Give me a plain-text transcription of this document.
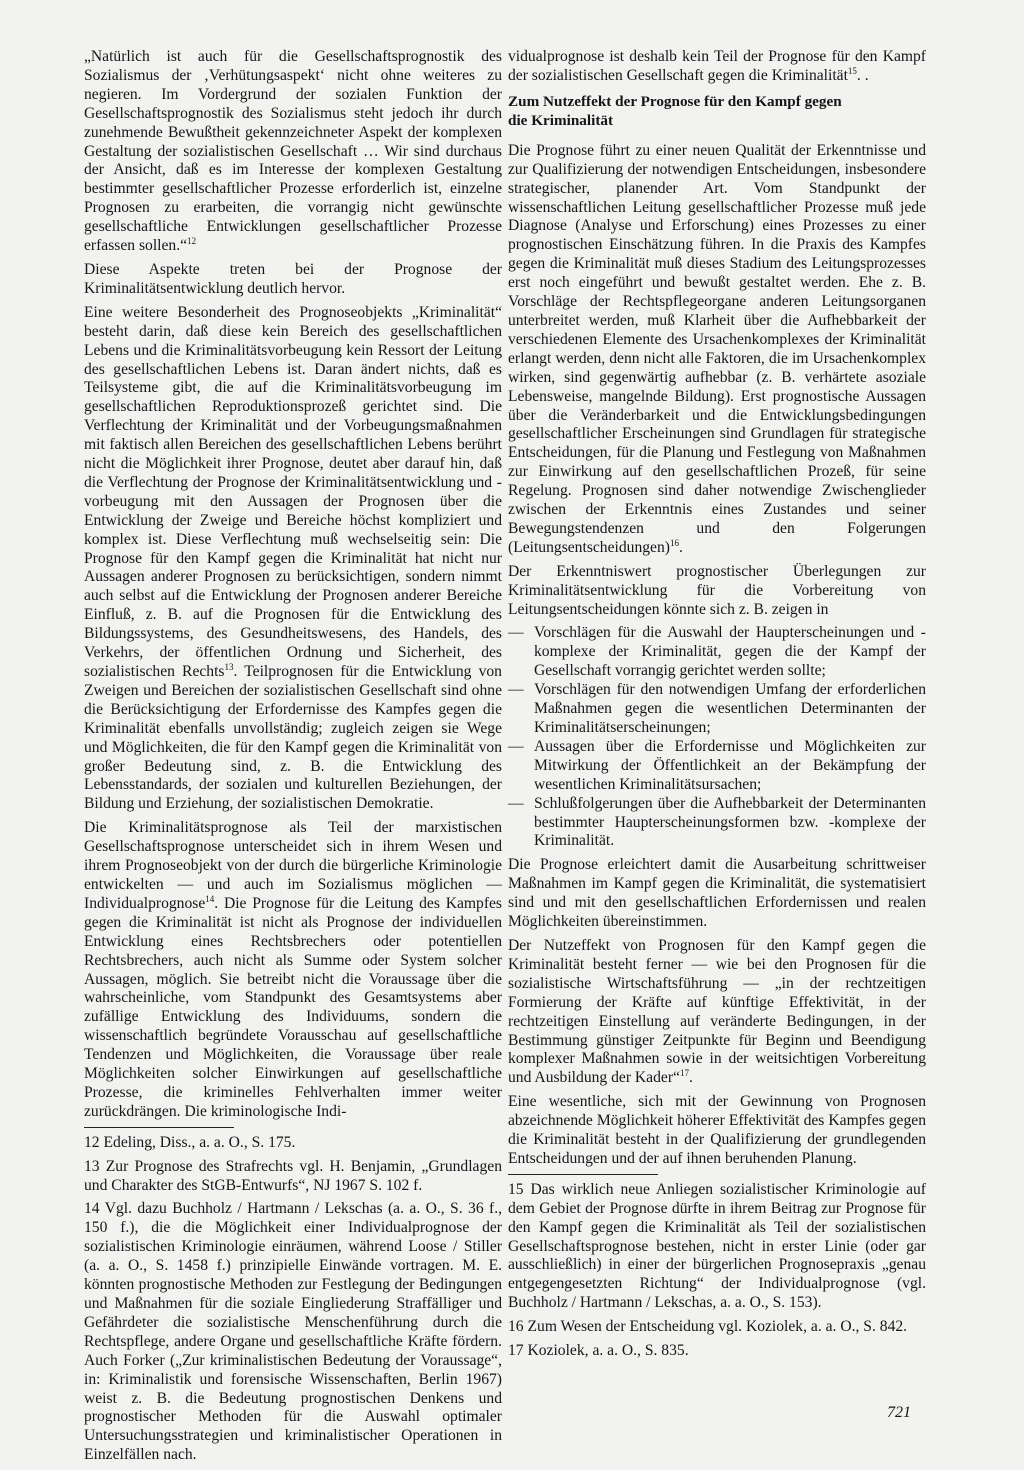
„Natürlich ist auch für die Gesellschaftsprognostik des Sozialismus der ‚Verhütungsaspekt‘ nicht ohne weiteres zu negieren. Im Vordergrund der sozialen Funktion der Gesellschaftsprognostik des Sozialismus steht jedoch ihr durch zunehmende Bewußtheit gekennzeichneter Aspekt der komplexen Gestaltung der sozialistischen Gesellschaft … Wir sind durchaus der Ansicht, daß es im Interesse der komplexen Gestaltung bestimmter gesellschaftlicher Prozesse erforderlich ist, einzelne Prognosen zu erarbeiten, die vorrangig nicht gewünschte gesellschaftliche Entwicklungen gesellschaftlicher Prozesse erfassen sollen.“$^{12}$

Diese Aspekte treten bei der Prognose der Kriminalitätsentwicklung deutlich hervor.

Eine weitere Besonderheit des Prognoseobjekts „Kriminalität“ besteht darin, daß diese kein Bereich des gesellschaftlichen Lebens und die Kriminalitätsvorbeugung kein Ressort der Leitung des gesellschaftlichen Lebens ist. Daran ändert nichts, daß es Teilsysteme gibt, die auf die Kriminalitätsvorbeugung im gesellschaftlichen Reproduktionsprozeß gerichtet sind. Die Verflechtung der Kriminalität und der Vorbeugungsmaßnahmen mit faktisch allen Bereichen des gesellschaftlichen Lebens berührt nicht die Möglichkeit ihrer Prognose, deutet aber darauf hin, daß die Verflechtung der Prognose der Kriminalitätsentwicklung und -vorbeugung mit den Aussagen der Prognosen über die Entwicklung der Zweige und Bereiche höchst kompliziert und komplex ist. Diese Verflechtung muß wechselseitig sein: Die Prognose für den Kampf gegen die Kriminalität hat nicht nur Aussagen anderer Prognosen zu berücksichtigen, sondern nimmt auch selbst auf die Entwicklung der Prognosen anderer Bereiche Einfluß, z. B. auf die Prognosen für die Entwicklung des Bildungssystems, des Gesundheitswesens, des Handels, des Verkehrs, der öffentlichen Ordnung und Sicherheit, des sozialistischen Rechts$^{13}$. Teilprognosen für die Entwicklung von Zweigen und Bereichen der sozialistischen Gesellschaft sind ohne die Berücksichtigung der Erfordernisse des Kampfes gegen die Kriminalität ebenfalls unvollständig; zugleich zeigen sie Wege und Möglichkeiten, die für den Kampf gegen die Kriminalität von großer Bedeutung sind, z. B. die Entwicklung des Lebensstandards, der sozialen und kulturellen Beziehungen, der Bildung und Erziehung, der sozialistischen Demokratie.

Die Kriminalitätsprognose als Teil der marxistischen Gesellschaftsprognose unterscheidet sich in ihrem Wesen und ihrem Prognoseobjekt von der durch die bürgerliche Kriminologie entwickelten — und auch im Sozialismus möglichen — Individualprognose$^{14}$. Die Prognose für die Leitung des Kampfes gegen die Kriminalität ist nicht als Prognose der individuellen Entwicklung eines Rechtsbrechers oder potentiellen Rechtsbrechers, auch nicht als Summe oder System solcher Aussagen, möglich. Sie betreibt nicht die Voraussage über die wahrscheinliche, vom Standpunkt des Gesamtsystems aber zufällige Entwicklung des Individuums, sondern die wissenschaftlich begründete Vorausschau auf gesellschaftliche Tendenzen und Möglichkeiten, die Voraussage über reale Möglichkeiten solcher Einwirkungen auf gesellschaftliche Prozesse, die kriminelles Fehlverhalten immer weiter zurückdrängen. Die kriminologische Indi-

12 Edeling, Diss., a. a. O., S. 175.

13 Zur Prognose des Strafrechts vgl. H. Benjamin, „Grundlagen und Charakter des StGB-Entwurfs“, NJ 1967 S. 102 f.

14 Vgl. dazu Buchholz / Hartmann / Lekschas (a. a. O., S. 36 f., 150 f.), die die Möglichkeit einer Individualprognose der sozialistischen Kriminologie einräumen, während Loose / Stiller (a. a. O., S. 1458 f.) prinzipielle Einwände vortragen. M. E. könnten prognostische Methoden zur Festlegung der Bedingungen und Maßnahmen für die soziale Eingliederung Straffälliger und Gefährdeter die sozialistische Menschenführung durch die Rechtspflege, andere Organe und gesellschaftliche Kräfte fördern. Auch Forker („Zur kriminalistischen Bedeutung der Voraussage“, in: Kriminalistik und forensische Wissenschaften, Berlin 1967) weist z. B. die Bedeutung prognostischen Denkens und prognostischer Methoden für die Auswahl optimaler Untersuchungsstrategien und kriminalistischer Operationen in Einzelfällen nach.

vidualprognose ist deshalb kein Teil der Prognose für den Kampf der sozialistischen Gesellschaft gegen die Kriminalität$^{15}$. .

Zum Nutzeffekt der Prognose für den Kampf gegen die Kriminalität

Die Prognose führt zu einer neuen Qualität der Erkenntnisse und zur Qualifizierung der notwendigen Entscheidungen, insbesondere strategischer, planender Art. Vom Standpunkt der wissenschaftlichen Leitung gesellschaftlicher Prozesse muß jede Diagnose (Analyse und Erforschung) eines Prozesses zu einer prognostischen Einschätzung führen. In die Praxis des Kampfes gegen die Kriminalität muß dieses Stadium des Leitungsprozesses erst noch eingeführt und bewußt gestaltet werden. Ehe z. B. Vorschläge der Rechtspflegeorgane anderen Leitungsorganen unterbreitet werden, muß Klarheit über die Aufhebbarkeit der verschiedenen Elemente des Ursachenkomplexes der Kriminalität erlangt werden, denn nicht alle Faktoren, die im Ursachenkomplex wirken, sind gegenwärtig aufhebbar (z. B. verhärtete asoziale Lebensweise, mangelnde Bildung). Erst prognostische Aussagen über die Veränderbarkeit und die Entwicklungsbedingungen gesellschaftlicher Erscheinungen sind Grundlagen für strategische Entscheidungen, für die Planung und Festlegung von Maßnahmen zur Einwirkung auf den gesellschaftlichen Prozeß, für seine Regelung. Prognosen sind daher notwendige Zwischenglieder zwischen der Erkenntnis eines Zustandes und seiner Bewegungstendenzen und den Folgerungen (Leitungsentscheidungen)$^{16}$.

Der Erkenntniswert prognostischer Überlegungen zur Kriminalitätsentwicklung für die Vorbereitung von Leitungsentscheidungen könnte sich z. B. zeigen in

— Vorschlägen für die Auswahl der Haupterscheinungen und -komplexe der Kriminalität, gegen die der Kampf der Gesellschaft vorrangig gerichtet werden sollte;
— Vorschlägen für den notwendigen Umfang der erforderlichen Maßnahmen gegen die wesentlichen Determinanten der Kriminalitätserscheinungen;
— Aussagen über die Erfordernisse und Möglichkeiten zur Mitwirkung der Öffentlichkeit an der Bekämpfung der wesentlichen Kriminalitätsursachen;
— Schlußfolgerungen über die Aufhebbarkeit der Determinanten bestimmter Haupterscheinungsformen bzw. -komplexe der Kriminalität.

Die Prognose erleichtert damit die Ausarbeitung schrittweiser Maßnahmen im Kampf gegen die Kriminalität, die systematisiert sind und mit den gesellschaftlichen Erfordernissen und realen Möglichkeiten übereinstimmen.

Der Nutzeffekt von Prognosen für den Kampf gegen die Kriminalität besteht ferner — wie bei den Prognosen für die sozialistische Wirtschaftsführung — „in der rechtzeitigen Formierung der Kräfte auf künftige Effektivität, in der rechtzeitigen Einstellung auf veränderte Bedingungen, in der Bestimmung günstiger Zeitpunkte für Beginn und Beendigung komplexer Maßnahmen sowie in der weitsichtigen Vorbereitung und Ausbildung der Kader“$^{17}$.

Eine wesentliche, sich mit der Gewinnung von Prognosen abzeichnende Möglichkeit höherer Effektivität des Kampfes gegen die Kriminalität besteht in der Qualifizierung der grundlegenden Entscheidungen und der auf ihnen beruhenden Planung.

15 Das wirklich neue Anliegen sozialistischer Kriminologie auf dem Gebiet der Prognose dürfte in ihrem Beitrag zur Prognose für den Kampf gegen die Kriminalität als Teil der sozialistischen Gesellschaftsprognose bestehen, nicht in erster Linie (oder gar ausschließlich) in einer der bürgerlichen Prognosepraxis „genau entgegengesetzten Richtung“ der Individualprognose (vgl. Buchholz / Hartmann / Lekschas, a. a. O., S. 153).

16 Zum Wesen der Entscheidung vgl. Koziolek, a. a. O., S. 842.

17 Koziolek, a. a. O., S. 835.

721
